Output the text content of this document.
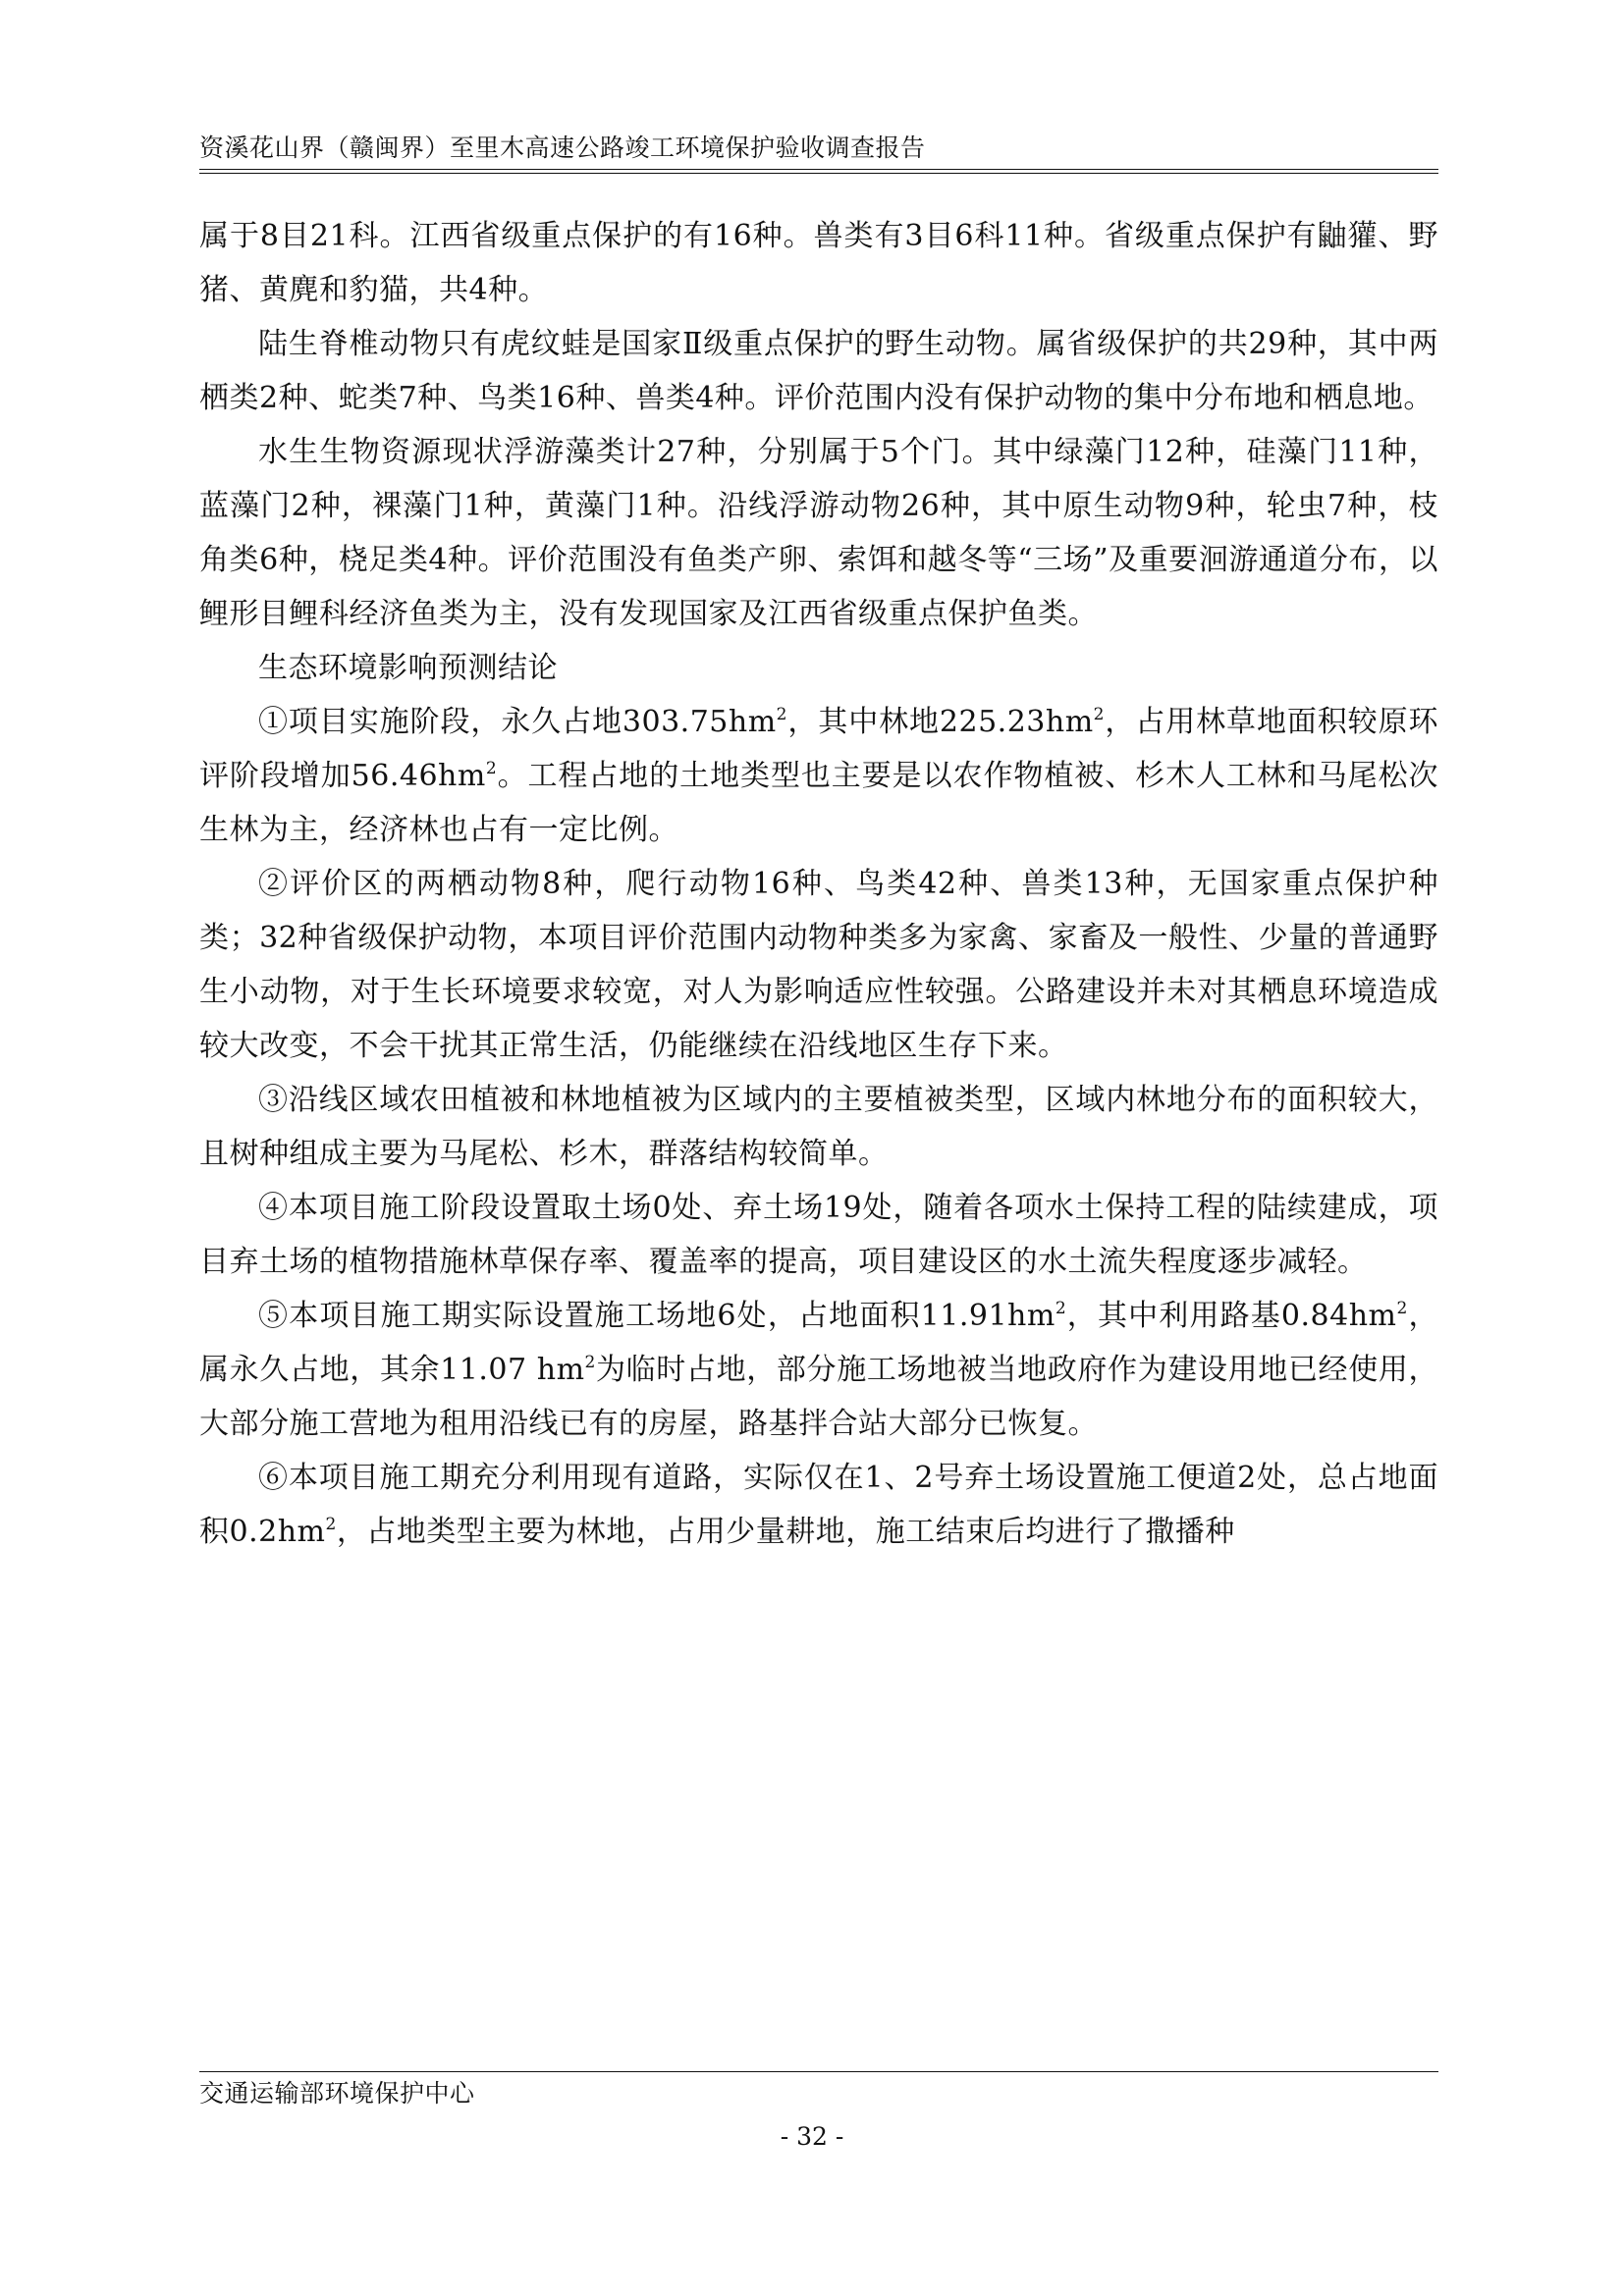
资溪花山界（赣闽界）至里木高速公路竣工环境保护验收调查报告

属于8目21科。江西省级重点保护的有16种。兽类有3目6科11种。省级重点保护有鼬獾、野猪、黄麂和豹猫，共4种。

陆生脊椎动物只有虎纹蛙是国家Ⅱ级重点保护的野生动物。属省级保护的共29种，其中两栖类2种、蛇类7种、鸟类16种、兽类4种。评价范围内没有保护动物的集中分布地和栖息地。

水生生物资源现状浮游藻类计27种，分别属于5个门。其中绿藻门12种，硅藻门11种，蓝藻门2种，裸藻门1种，黄藻门1种。沿线浮游动物26种，其中原生动物9种，轮虫7种，枝角类6种，桡足类4种。评价范围没有鱼类产卵、索饵和越冬等“三场”及重要洄游通道分布，以鲤形目鲤科经济鱼类为主，没有发现国家及江西省级重点保护鱼类。

生态环境影响预测结论

①项目实施阶段，永久占地$303.75hm^2$，其中林地$225.23hm^2$，占用林草地面积较原环评阶段增加$56.46hm^2$。工程占地的土地类型也主要是以农作物植被、杉木人工林和马尾松次生林为主，经济林也占有一定比例。

②评价区的两栖动物8种，爬行动物16种、鸟类42种、兽类13种，无国家重点保护种类；32种省级保护动物，本项目评价范围内动物种类多为家禽、家畜及一般性、少量的普通野生小动物，对于生长环境要求较宽，对人为影响适应性较强。公路建设并未对其栖息环境造成较大改变，不会干扰其正常生活，仍能继续在沿线地区生存下来。

③沿线区域农田植被和林地植被为区域内的主要植被类型，区域内林地分布的面积较大，且树种组成主要为马尾松、杉木，群落结构较简单。

④本项目施工阶段设置取土场0处、弃土场19处，随着各项水土保持工程的陆续建成，项目弃土场的植物措施林草保存率、覆盖率的提高，项目建设区的水土流失程度逐步减轻。

⑤本项目施工期实际设置施工场地6处，占地面积$11.91hm^2$，其中利用路基$0.84hm^2$，属永久占地，其余11.07 $hm^2$为临时占地，部分施工场地被当地政府作为建设用地已经使用，大部分施工营地为租用沿线已有的房屋，路基拌合站大部分已恢复。

⑥本项目施工期充分利用现有道路，实际仅在1、2号弃土场设置施工便道2处，总占地面积$0.2hm^2$，占地类型主要为林地，占用少量耕地，施工结束后均进行了撒播种

交通运输部环境保护中心
- 32 -
